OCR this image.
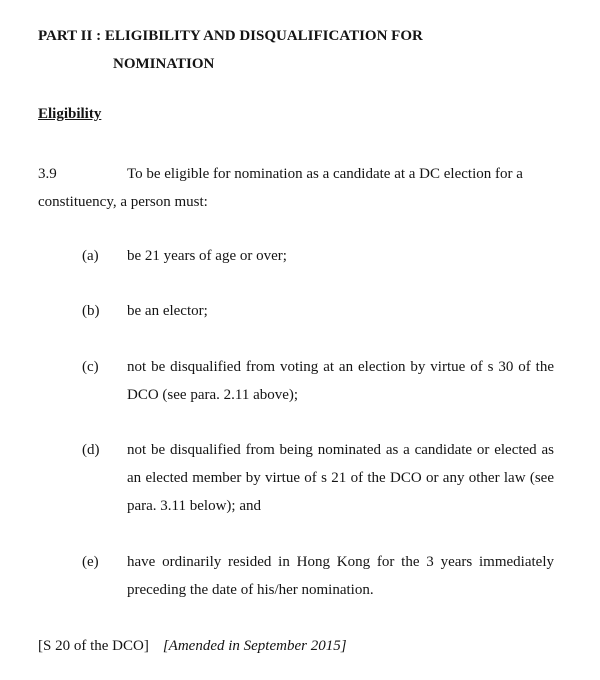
PART II : ELIGIBILITY AND DISQUALIFICATION FOR
NOMINATION
Eligibility

3.9	To be eligible for nomination as a candidate at a DC election for a constituency, a person must:

(a) be 21 years of age or over;
(b) be an elector;
(c) not be disqualified from voting at an election by virtue of s 30 of the DCO (see para. 2.11 above);
(d) not be disqualified from being nominated as a candidate or elected as an elected member by virtue of s 21 of the DCO or any other law (see para. 3.11 below); and
(e) have ordinarily resided in Hong Kong for the 3 years immediately preceding the date of his/her nomination.

[S 20 of the DCO] [Amended in September 2015]
